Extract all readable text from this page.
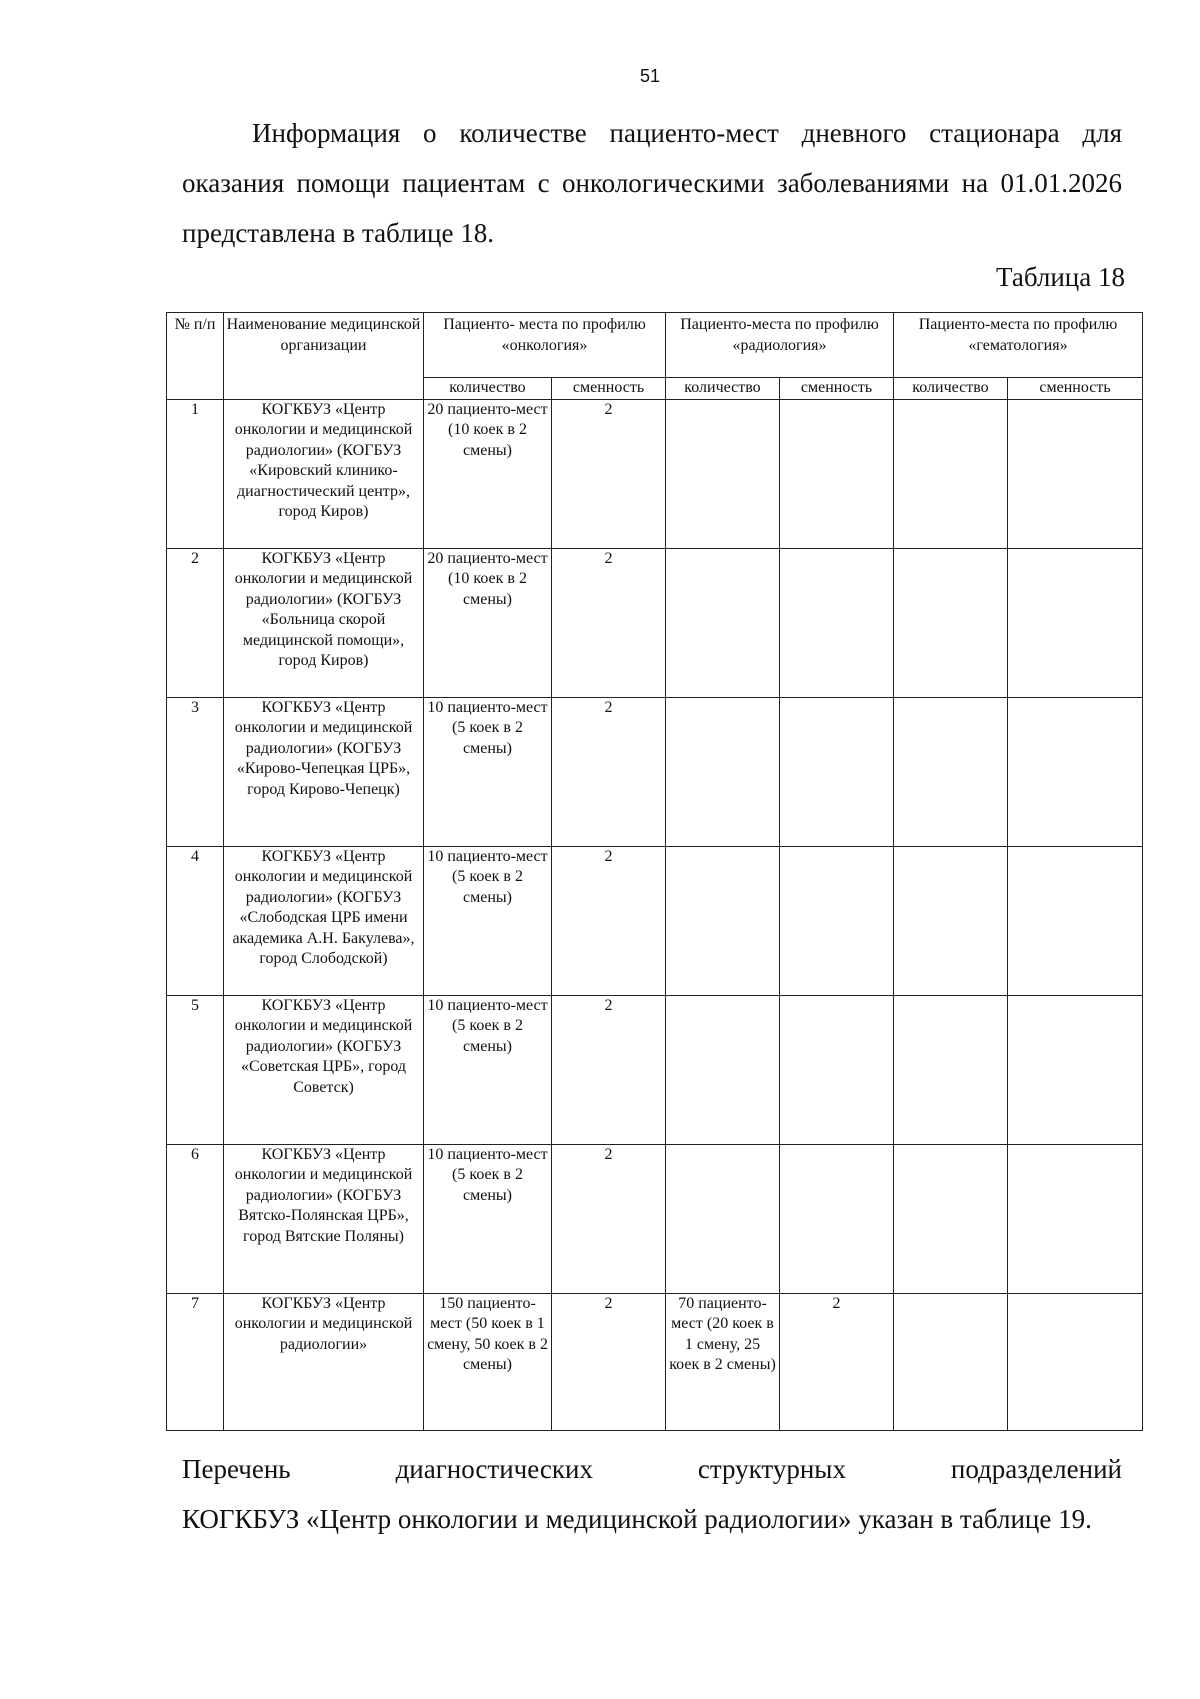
51

Информация о количестве пациенто-мест дневного стационара для оказания помощи пациентам с онкологическими заболеваниями на 01.01.2026 представлена в таблице 18.

Таблица 18
№ п/п	Наименование медицинской организации	Пациенто- места по профилю «онкология»		Пациенто-места по профилю «радиология»		Пациенто-места по профилю «гематология»	
		количество	сменность	количество	сменность	количество	сменность
1	КОГКБУЗ «Центр онкологии и медицинской радиологии» (КОГБУЗ «Кировский клинико-диагностический центр», город Киров)	20 пациенто-мест (10 коек в 2 смены)	2				
2	КОГКБУЗ «Центр онкологии и медицинской радиологии» (КОГБУЗ «Больница скорой медицинской помощи», город Киров)	20 пациенто-мест (10 коек в 2 смены)	2				
3	КОГКБУЗ «Центр онкологии и медицинской радиологии» (КОГБУЗ «Кирово-Чепецкая ЦРБ», город Кирово-Чепецк)	10 пациенто-мест (5 коек в 2 смены)	2				
4	КОГКБУЗ «Центр онкологии и медицинской радиологии» (КОГБУЗ «Слободская ЦРБ имени академика А.Н. Бакулева», город Слободской)	10 пациенто-мест (5 коек в 2 смены)	2				
5	КОГКБУЗ «Центр онкологии и медицинской радиологии» (КОГБУЗ «Советская ЦРБ», город Советск)	10 пациенто-мест (5 коек в 2 смены)	2				
6	КОГКБУЗ «Центр онкологии и медицинской радиологии» (КОГБУЗ Вятско-Полянская ЦРБ», город Вятские Поляны)	10 пациенто-мест (5 коек в 2 смены)	2				
7	КОГКБУЗ «Центр онкологии и медицинской радиологии»	150 пациенто-мест (50 коек в 1 смену, 50 коек в 2 смены)	2	70 пациенто-мест (20 коек в 1 смену, 25 коек в 2 смены)	2		
Перечень	диагностических	структурных	подразделений
КОГКБУЗ «Центр онкологии и медицинской радиологии» указан в таблице 19.
